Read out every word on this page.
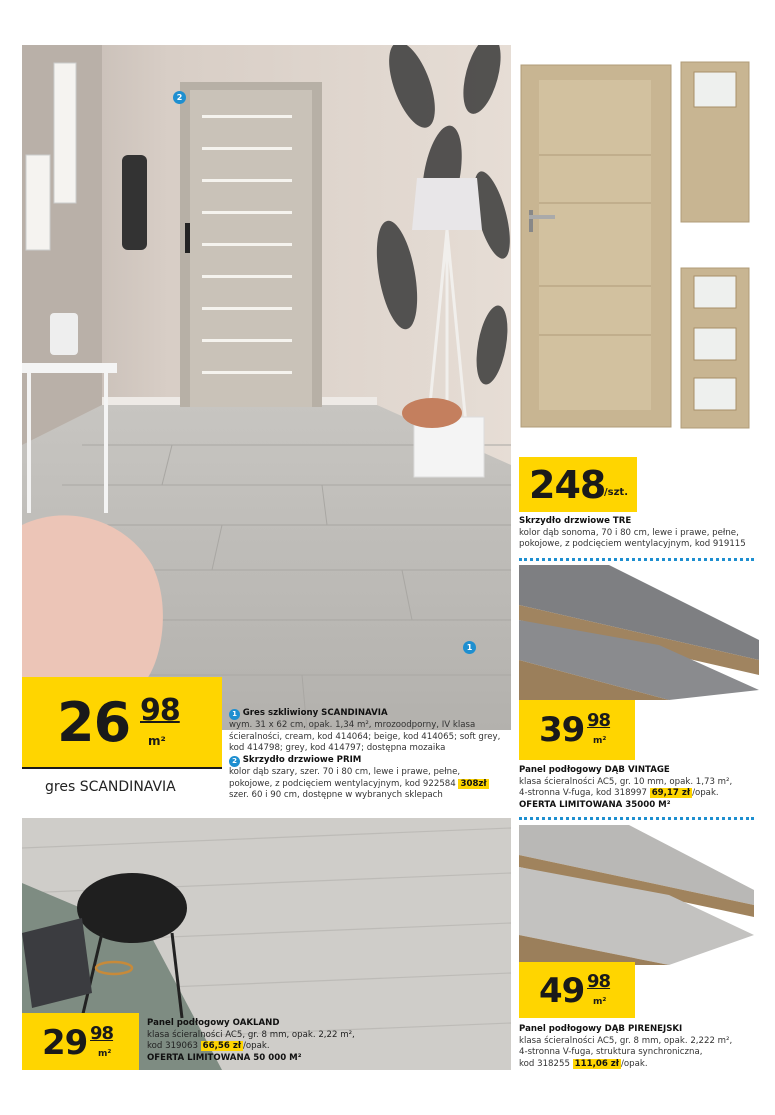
2
1
26 98
m²
gres SCANDINAVIA
1 Gres szkliwiony SCANDINAVIA
wym. 31 x 62 cm, opak. 1,34 m², mrozoodporny, IV klasa
ścieralności, cream, kod 414064; beige, kod 414065; soft grey,
kod 414798; grey, kod 414797; dostępna mozaika
2 Skrzydło drzwiowe PRIM
kolor dąb szary, szer. 70 i 80 cm, lewe i prawe, pełne,
pokojowe, z podcięciem wentylacyjnym, kod 922584 308zł
szer. 60 i 90 cm, dostępne w wybranych sklepach
248
/szt.
Skrzydło drzwiowe TRE
kolor dąb sonoma, 70 i 80 cm, lewe i prawe, pełne,
pokojowe, z podcięciem wentylacyjnym, kod 919115
39 98
m²
Panel podłogowy DĄB VINTAGE
klasa ścieralności AC5, gr. 10 mm, opak. 1,73 m²,
4-stronna V-fuga, kod 318997 69,17 zł /opak.
OFERTA LIMITOWANA 35000 M²
29 98
m²
Panel podłogowy OAKLAND
klasa ścieralności AC5, gr. 8 mm, opak. 2,22 m²,
kod 319063 66,56 zł /opak.
OFERTA LIMITOWANA 50 000 M²
49 98
m²
Panel podłogowy DĄB PIRENEJSKI
klasa ścieralności AC5, gr. 8 mm, opak. 2,222 m²,
4-stronna V-fuga, struktura synchroniczna,
kod 318255 111,06 zł /opak.
